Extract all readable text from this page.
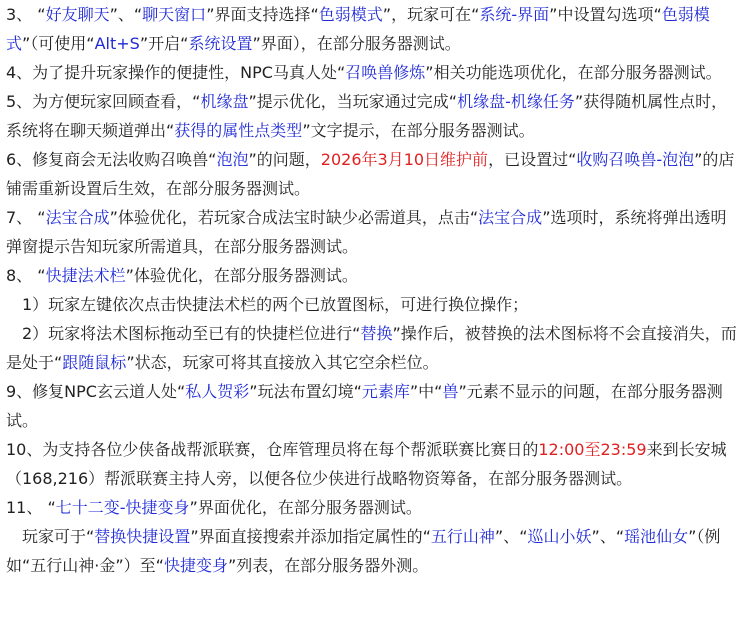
3、 “好友聊天”、“聊天窗口”界面支持选择“色弱模式”，玩家可在“系统-界面”中设置勾选项“色弱模式”（可使用“Alt+S”开启“系统设置”界面），在部分服务器测试。

4、为了提升玩家操作的便捷性，NPC马真人处“召唤兽修炼”相关功能选项优化，在部分服务器测试。

5、为方便玩家回顾查看，“机缘盘”提示优化，当玩家通过完成“机缘盘-机缘任务”获得随机属性点时，系统将在聊天频道弹出“获得的属性点类型”文字提示，在部分服务器测试。

6、修复商会无法收购召唤兽“泡泡”的问题，2026年3月10日维护前，已设置过“收购召唤兽-泡泡”的店铺需重新设置后生效，在部分服务器测试。

7、 “法宝合成”体验优化，若玩家合成法宝时缺少必需道具，点击“法宝合成”选项时，系统将弹出透明弹窗提示告知玩家所需道具，在部分服务器测试。

8、 “快捷法术栏”体验优化，在部分服务器测试。

1）玩家左键依次点击快捷法术栏的两个已放置图标，可进行换位操作；

2）玩家将法术图标拖动至已有的快捷栏位进行“替换”操作后，被替换的法术图标将不会直接消失，而是处于“跟随鼠标”状态，玩家可将其直接放入其它空余栏位。

9、修复NPC玄云道人处“私人贺彩”玩法布置幻境“元素库”中“兽”元素不显示的问题，在部分服务器测试。

10、为支持各位少侠备战帮派联赛，仓库管理员将在每个帮派联赛比赛日的12:00至23:59来到长安城（168,216）帮派联赛主持人旁，以便各位少侠进行战略物资筹备，在部分服务器测试。

11、 “七十二变-快捷变身”界面优化，在部分服务器测试。

玩家可于“替换快捷设置”界面直接搜索并添加指定属性的“五行山神”、“巡山小妖”、“瑶池仙女”（例如“五行山神·金”）至“快捷变身”列表，在部分服务器外测。
